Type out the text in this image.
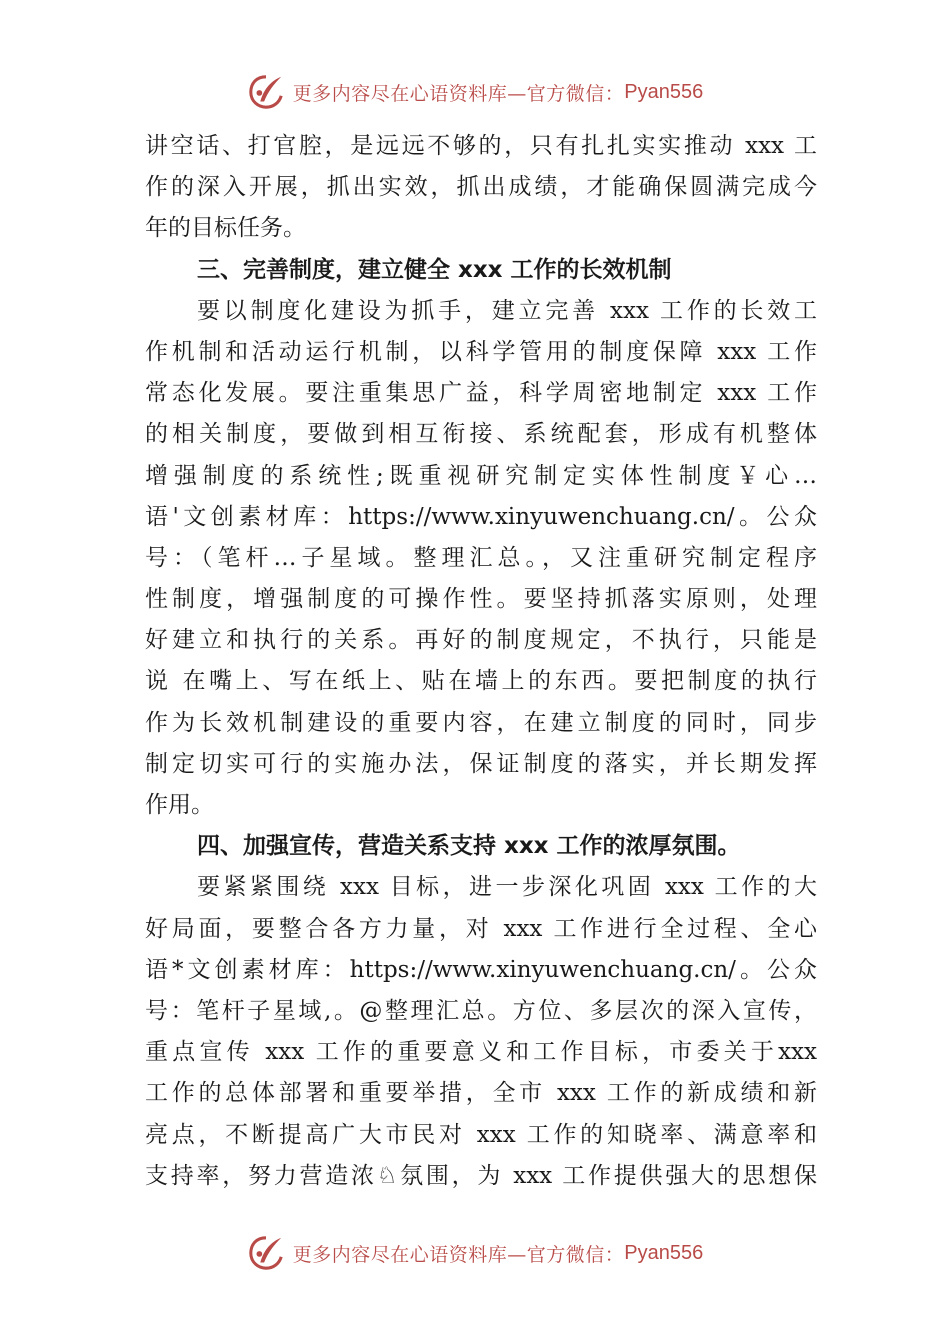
更多内容尽在心语资料库—官方微信： Pyan556
讲空话、打官腔，是远远不够的，只有扎扎实实推动 xxx 工
作的深入开展，抓出实效，抓出成绩，才能确保圆满完成今
年的目标任务。
三、完善制度，建立健全 xxx 工作的长效机制
要以制度化建设为抓手，建立完善 xxx 工作的长效工
作机制和活动运行机制，以科学管用的制度保障 xxx 工作
常态化发展。要注重集思广益，科学周密地制定 xxx 工作
的相关制度，要做到相互衔接、系统配套，形成有机整体
增强制度的系统性;既重视研究制定实体性制度￥心…
语'文创素材库：https://www.xinyuwenchuang.cn/。公众
号：（笔杆…子星域。整理汇总。，又注重研究制定程序
性制度，增强制度的可操作性。要坚持抓落实原则，处理
好建立和执行的关系。再好的制度规定，不执行，只能是
说 在嘴上、写在纸上、贴在墙上的东西。要把制度的执行
作为长效机制建设的重要内容，在建立制度的同时，同步
制定切实可行的实施办法，保证制度的落实，并长期发挥
作用。
四、加强宣传，营造关系支持 xxx 工作的浓厚氛围。
要紧紧围绕 xxx 目标，进一步深化巩固 xxx 工作的大
好局面，要整合各方力量，对 xxx 工作进行全过程、全心
语*文创素材库：https://www.xinyuwenchuang.cn/。公众
号：笔杆子星域,。@整理汇总。方位、多层次的深入宣传，
重点宣传 xxx 工作的重要意义和工作目标，市委关于xxx
工作的总体部署和重要举措，全市 xxx 工作的新成绩和新
亮点，不断提高广大市民对 xxx 工作的知晓率、满意率和
支持率，努力营造浓♘氛围，为 xxx 工作提供强大的思想保
更多内容尽在心语资料库—官方微信： Pyan556
